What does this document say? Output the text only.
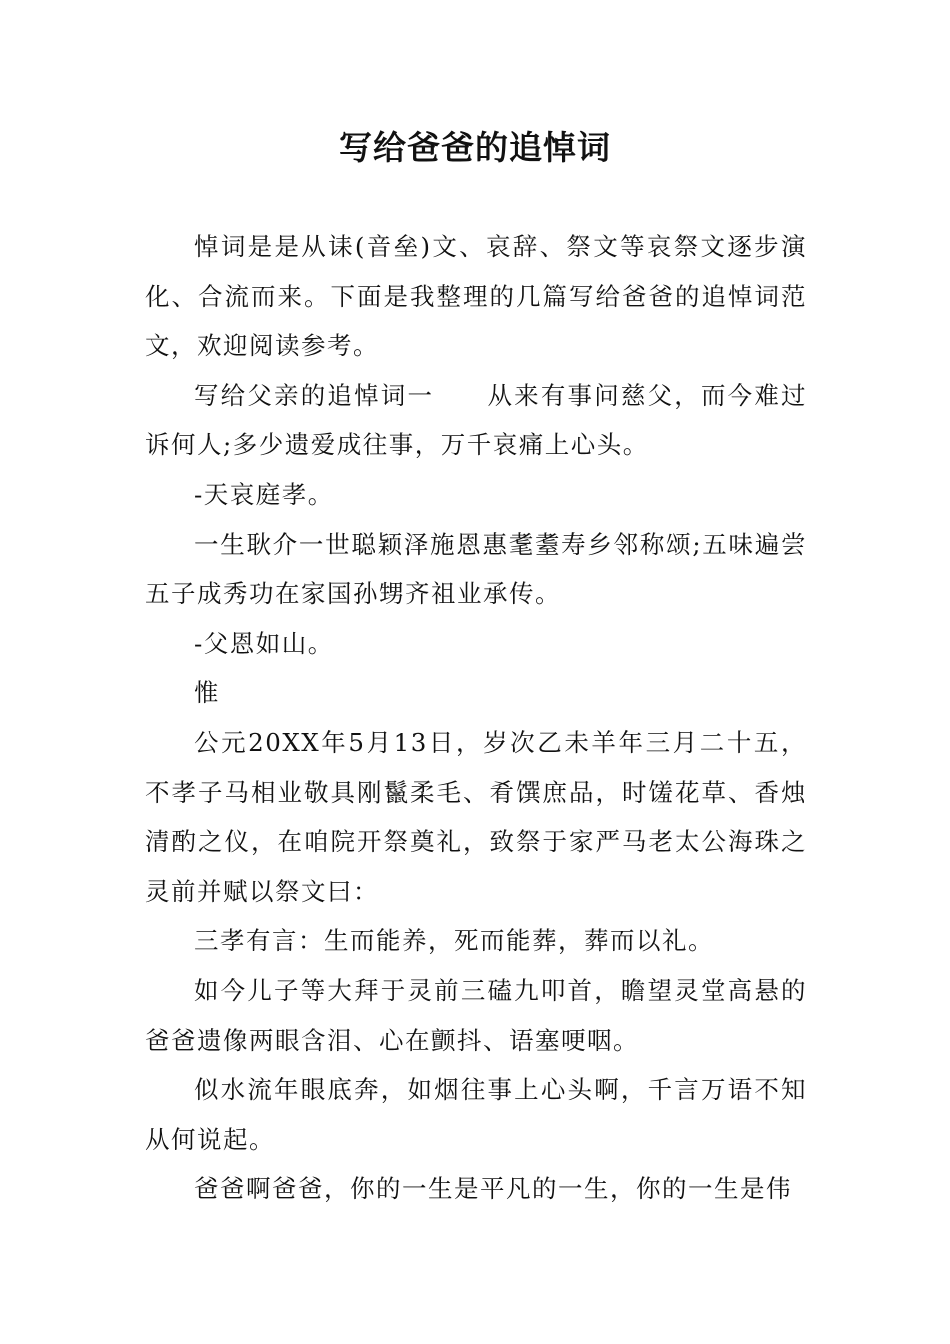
写给爸爸的追悼词

悼词是是从诔(音垒)文、哀辞、祭文等哀祭文逐步演化、合流而来。下面是我整理的几篇写给爸爸的追悼词范文，欢迎阅读参考。

写给父亲的追悼词一　　从来有事问慈父，而今难过诉何人;多少遗爱成往事，万千哀痛上心头。

-天哀庭孝。

一生耿介一世聪颖泽施恩惠耄耋寿乡邻称颂;五味遍尝五子成秀功在家国孙甥齐祖业承传。

-父恩如山。

惟

公元20XX年5月13日，岁次乙未羊年三月二十五，不孝子马相业敬具刚鬣柔毛、肴馔庶品，时馐花草、香烛清酌之仪，在咱院开祭奠礼，致祭于家严马老太公海珠之灵前并赋以祭文曰：

三孝有言：生而能养，死而能葬，葬而以礼。

如今儿子等大拜于灵前三磕九叩首，瞻望灵堂高悬的爸爸遗像两眼含泪、心在颤抖、语塞哽咽。

似水流年眼底奔，如烟往事上心头啊，千言万语不知从何说起。

爸爸啊爸爸，你的一生是平凡的一生，你的一生是伟
